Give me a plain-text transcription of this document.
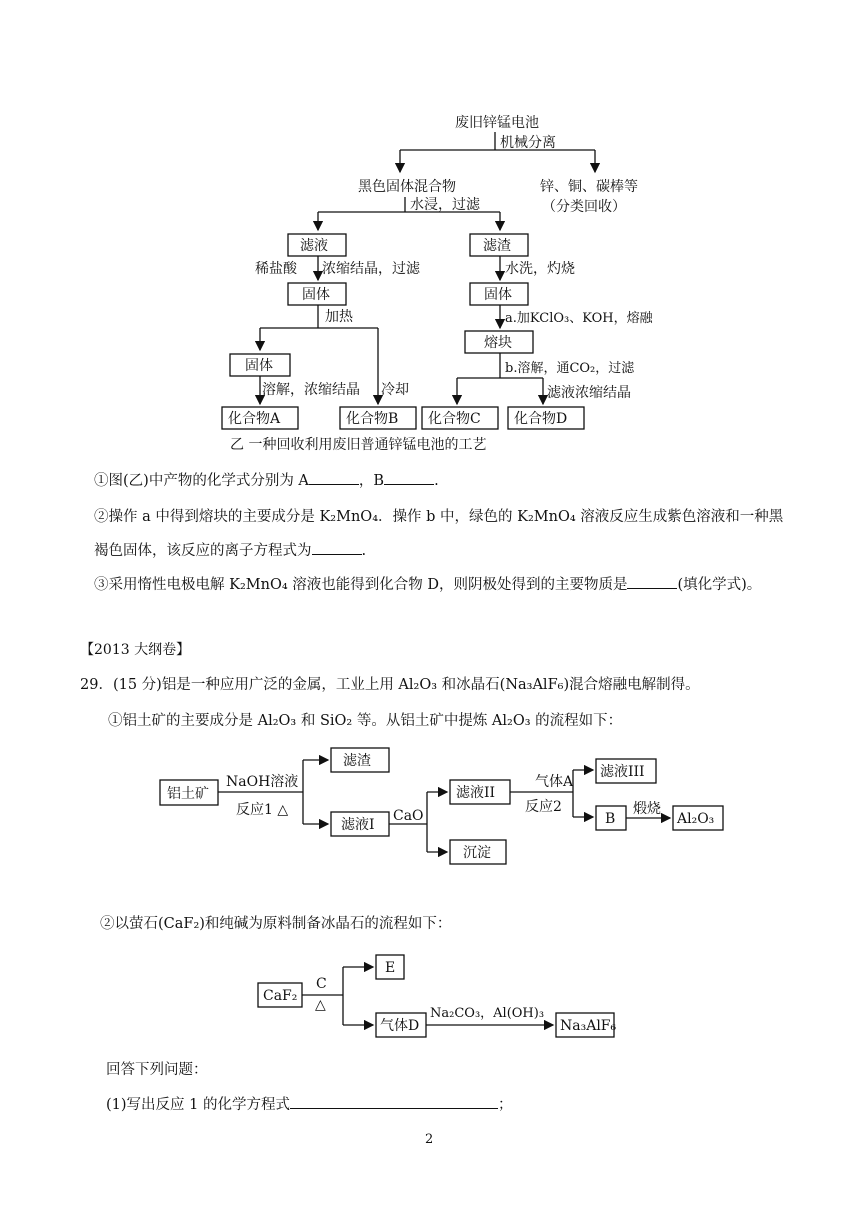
废旧锌锰电池
机械分离
黑色固体混合物	锌、铜、碳棒等
（分类回收）
水浸，过滤
滤液	滤渣
稀盐酸 浓缩结晶，过滤	水洗，灼烧
固体	固体
加热	a.加KClO₃、KOH，熔融
熔块
固体	b.溶解，通CO₂，过滤
溶解，浓缩结晶 冷却	滤液浓缩结晶
化合物A	化合物B 化合物C 化合物D
乙 一种回收利用废旧普通锌锰电池的工艺
①图(乙)中产物的化学式分别为 A	，B	.
②操作 a 中得到熔块的主要成分是 K₂MnO₄．操作 b 中，绿色的 K₂MnO₄ 溶液反应生成紫色溶液和一种黑
褐色固体，该反应的离子方程式为	.
③采用惰性电极电解 K₂MnO₄ 溶液也能得到化合物 D，则阴极处得到的主要物质是	(填化学式)。
【2013 大纲卷】
29．(15 分)铝是一种应用广泛的金属，工业上用 Al₂O₃ 和冰晶石(Na₃AlF₆)混合熔融电解制得。
①铝土矿的主要成分是 Al₂O₃ 和 SiO₂ 等。从铝土矿中提炼 Al₂O₃ 的流程如下：
铝土矿
NaOH溶液
反应1 △
滤渣
滤液I
CaO
滤液II
沉淀
气体A
反应2
滤液III
B
煅烧
Al₂O₃
②以萤石(CaF₂)和纯碱为原料制备冰晶石的流程如下：
CaF₂
C
△
E
气体D
Na₂CO₃，Al(OH)₃
Na₃AlF₆
回答下列问题：
(1)写出反应 1 的化学方程式	；
2
